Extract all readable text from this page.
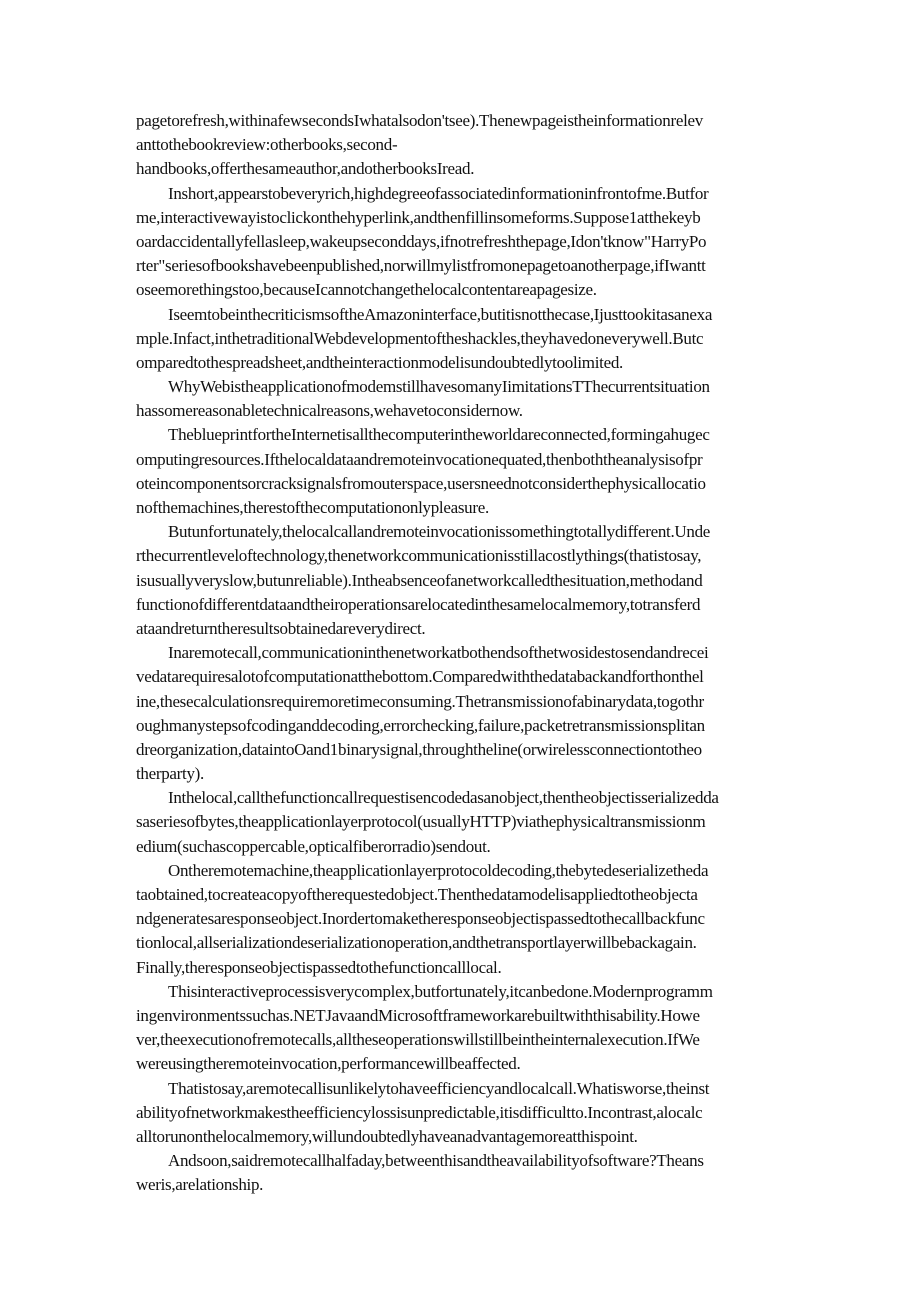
pagetorefresh,withinafewsecondsIwhatalsodon'tsee).Thenewpageistheinformationrelev
anttothebookreview:otherbooks,second-
handbooks,offerthesameauthor,andotherbooksIread.
Inshort,appearstobeveryrich,highdegreeofassociatedinformationinfrontofme.Butfor
me,interactivewayistoclickonthehyperlink,andthenfillinsomeforms.Suppose1atthekeyb
oardaccidentallyfellasleep,wakeupseconddays,ifnotrefreshthepage,Idon'tknow"HarryPo
rter"seriesofbookshavebeenpublished,norwillmylistfromonepagetoanotherpage,ifIwantt
oseemorethingstoo,becauseIcannotchangethelocalcontentareapagesize.
IseemtobeinthecriticismsoftheAmazoninterface,butitisnotthecase,Ijusttookitasanexa
mple.Infact,inthetraditionalWebdevelopmentoftheshackles,theyhavedoneverywell.Butc
omparedtothespreadsheet,andtheinteractionmodelisundoubtedlytoolimited.
WhyWebistheapplicationofmodemstillhavesomanyIimitationsTThecurrentsituation
hassomereasonabletechnicalreasons,wehavetoconsidernow.
TheblueprintfortheInternetisallthecomputerintheworldareconnected,formingahugec
omputingresources.Ifthelocaldataandremoteinvocationequated,thenboththeanalysisofpr
oteincomponentsorcracksignalsfromouterspace,usersneednotconsiderthephysicallocatio
nofthemachines,therestofthecomputationonlypleasure.
Butunfortunately,thelocalcallandremoteinvocationissomethingtotallydifferent.Unde
rthecurrentleveloftechnology,thenetworkcommunicationisstillacostlythings(thatistosay,
isusuallyveryslow,butunreliable).Intheabsenceofanetworkcalledthesituation,methodand
functionofdifferentdataandtheiroperationsarelocatedinthesamelocalmemory,totransferd
ataandreturntheresultsobtainedareverydirect.
Inaremotecall,communicationinthenetworkatbothendsofthetwosidestosendandrecei
vedatarequiresalotofcomputationatthebottom.Comparedwiththedatabackandforthonthel
ine,thesecalculationsrequiremoretimeconsuming.Thetransmissionofabinarydata,togothr
oughmanystepsofcodinganddecoding,errorchecking,failure,packetretransmissionsplitan
dreorganization,dataintoOand1binarysignal,throughtheline(orwirelessconnectiontotheo
therparty).
Inthelocal,callthefunctioncallrequestisencodedasanobject,thentheobjectisserializedda
saseriesofbytes,theapplicationlayerprotocol(usuallyHTTP)viathephysicaltransmissionm
edium(suchascoppercable,opticalfiberorradio)sendout.
Ontheremotemachine,theapplicationlayerprotocoldecoding,thebytedeserializetheda
taobtained,tocreateacopyoftherequestedobject.Thenthedatamodelisappliedtotheobjecta
ndgeneratesaresponseobject.Inordertomaketheresponseobjectispassedtothecallbackfunc
tionlocal,allserializationdeserializationoperation,andthetransportlayerwillbebackagain.
Finally,theresponseobjectispassedtothefunctioncalllocal.
Thisinteractiveprocessisverycomplex,butfortunately,itcanbedone.Modernprogramm
ingenvironmentssuchas.NETJavaandMicrosoftframeworkarebuiltwiththisability.Howe
ver,theexecutionofremotecalls,alltheseoperationswillstillbeintheinternalexecution.IfWe
wereusingtheremoteinvocation,performancewillbeaffected.
Thatistosay,aremotecallisunlikelytohaveefficiencyandlocalcall.Whatisworse,theinst
abilityofnetworkmakestheefficiencylossisunpredictable,itisdifficultto.Incontrast,alocalc
alltorunonthelocalmemory,willundoubtedlyhaveanadvantagemoreatthispoint.
Andsoon,saidremotecallhalfaday,betweenthisandtheavailabilityofsoftware?Theans
weris,arelationship.
